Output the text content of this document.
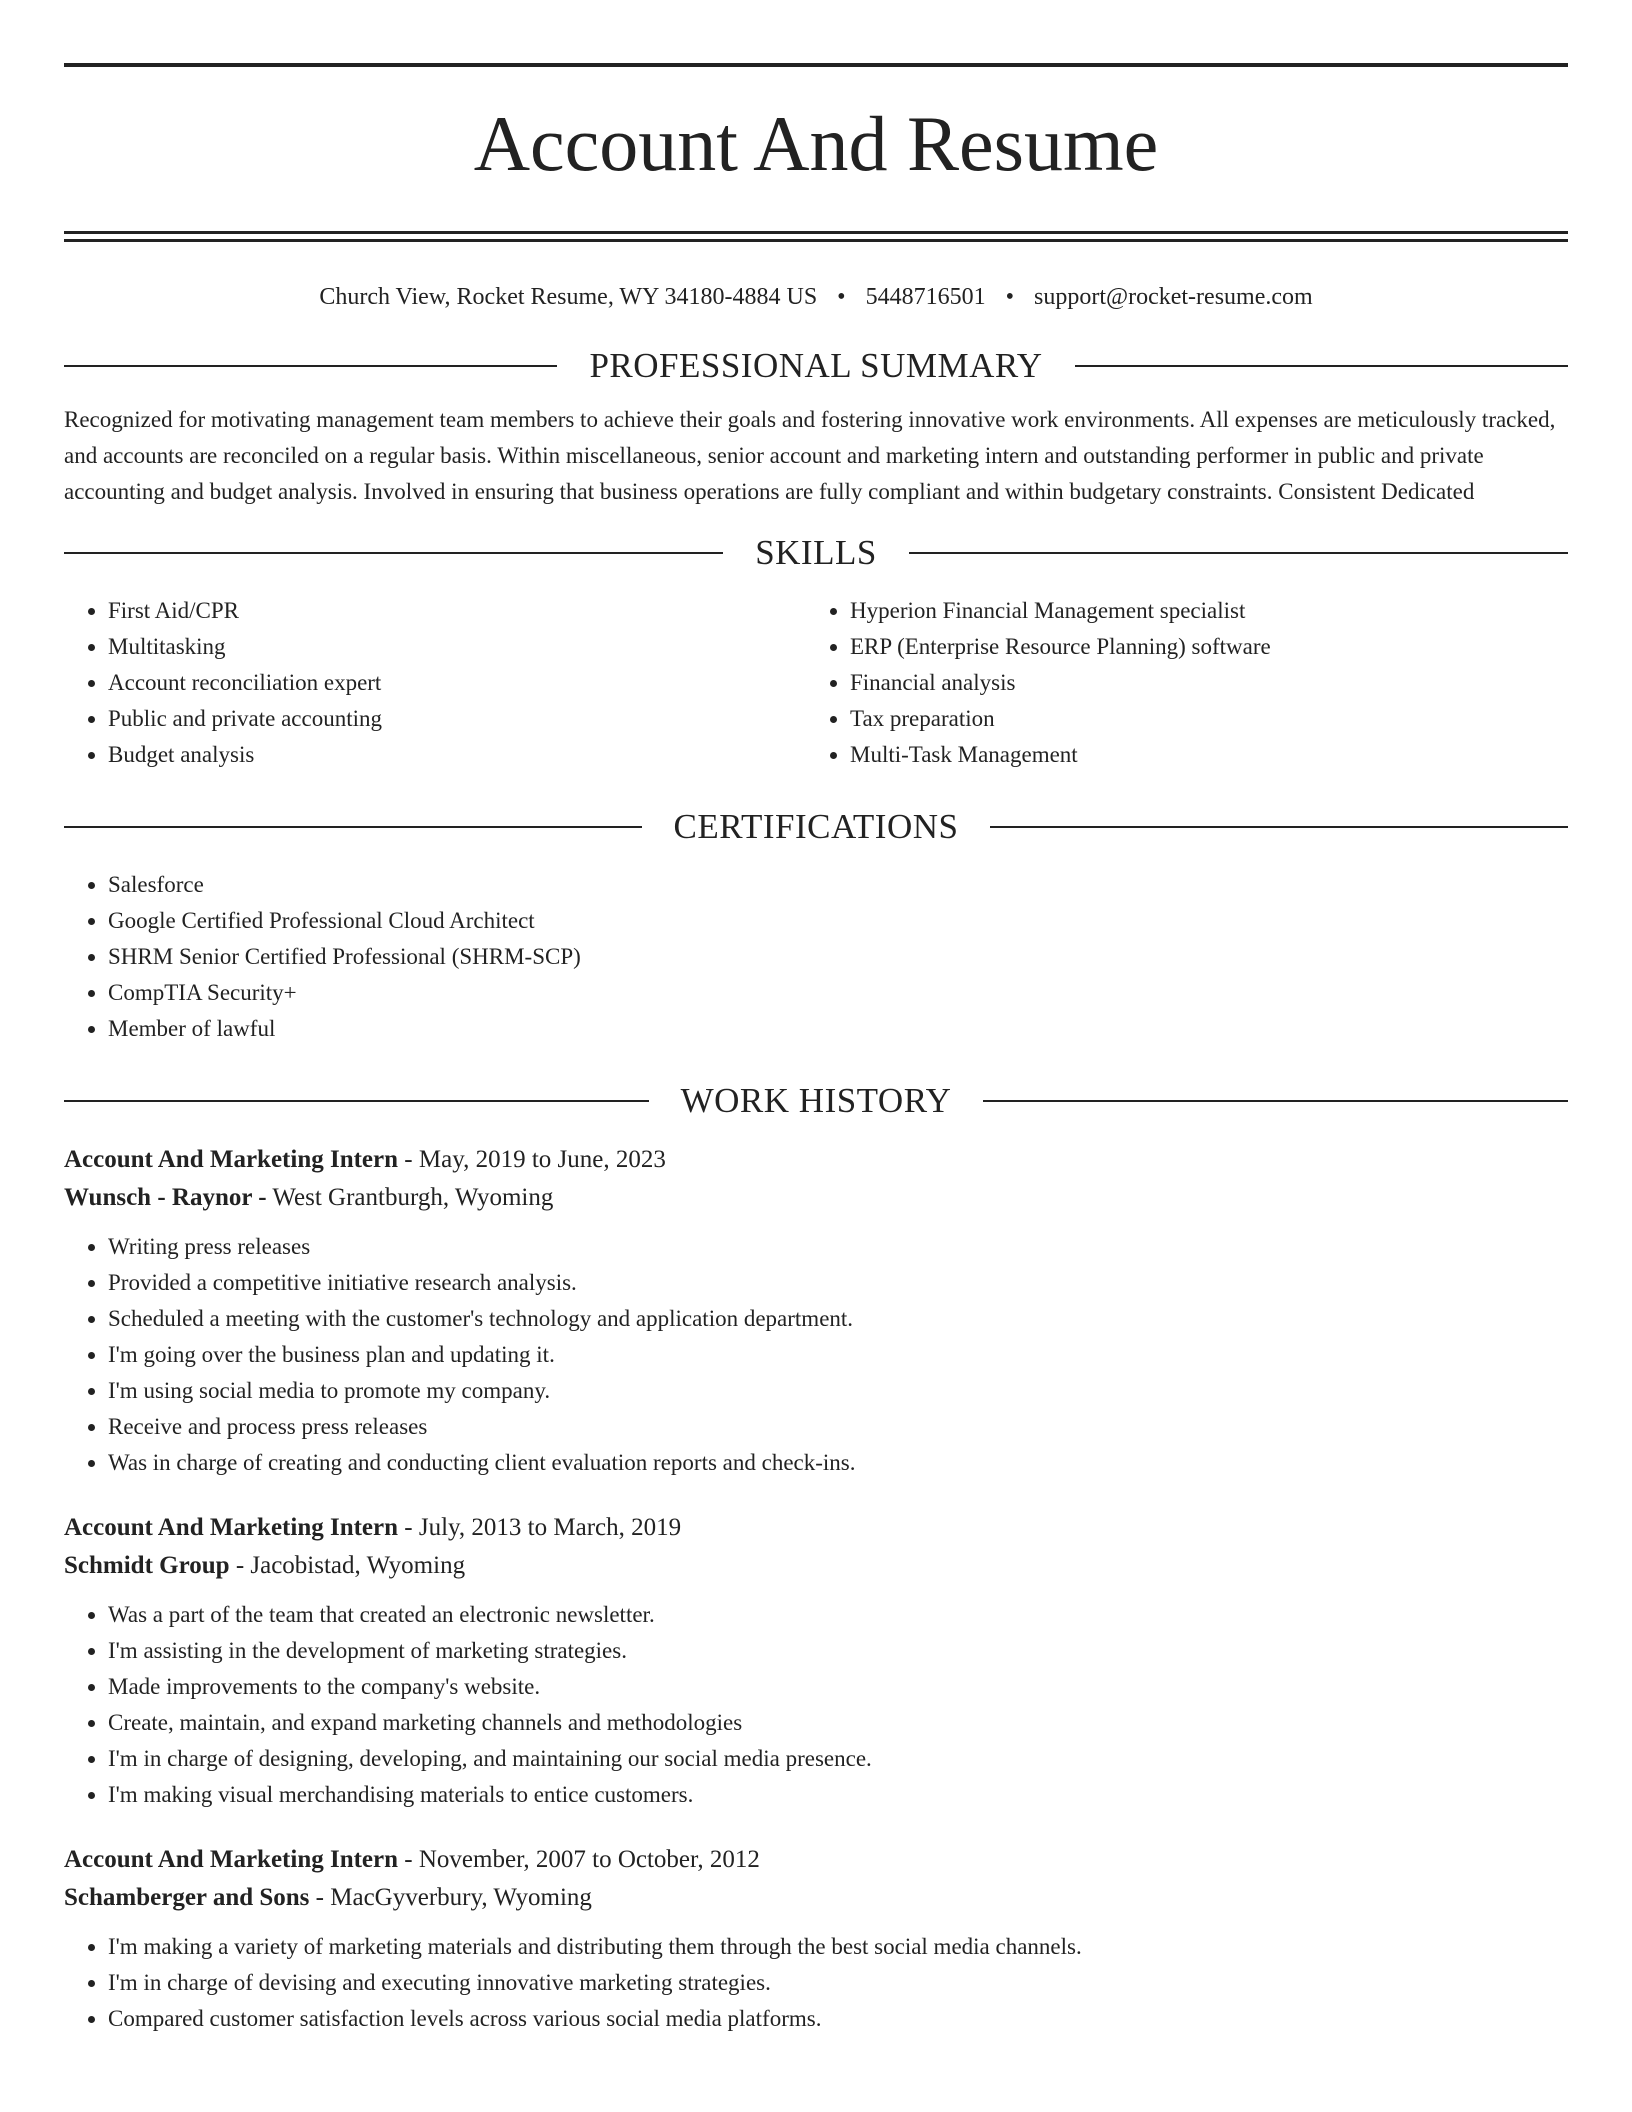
Account And Resume
Church View, Rocket Resume, WY 34180-4884 US • 5448716501 • support@rocket-resume.com
PROFESSIONAL SUMMARY

Recognized for motivating management team members to achieve their goals and fostering innovative work environments. All expenses are meticulously tracked, and accounts are reconciled on a regular basis. Within miscellaneous, senior account and marketing intern and outstanding performer in public and private accounting and budget analysis. Involved in ensuring that business operations are fully compliant and within budgetary constraints. Consistent Dedicated

SKILLS
• First Aid/CPR
• Multitasking
• Account reconciliation expert
• Public and private accounting
• Budget analysis
• Hyperion Financial Management specialist
• ERP (Enterprise Resource Planning) software
• Financial analysis
• Tax preparation
• Multi-Task Management
CERTIFICATIONS
• Salesforce
• Google Certified Professional Cloud Architect
• SHRM Senior Certified Professional (SHRM-SCP)
• CompTIA Security+
• Member of lawful
WORK HISTORY
Account And Marketing Intern - May, 2019 to June, 2023
Wunsch - Raynor - West Grantburgh, Wyoming
• Writing press releases
• Provided a competitive initiative research analysis.
• Scheduled a meeting with the customer's technology and application department.
• I'm going over the business plan and updating it.
• I'm using social media to promote my company.
• Receive and process press releases
• Was in charge of creating and conducting client evaluation reports and check-ins.
Account And Marketing Intern - July, 2013 to March, 2019
Schmidt Group - Jacobistad, Wyoming
• Was a part of the team that created an electronic newsletter.
• I'm assisting in the development of marketing strategies.
• Made improvements to the company's website.
• Create, maintain, and expand marketing channels and methodologies
• I'm in charge of designing, developing, and maintaining our social media presence.
• I'm making visual merchandising materials to entice customers.
Account And Marketing Intern - November, 2007 to October, 2012
Schamberger and Sons - MacGyverbury, Wyoming
• I'm making a variety of marketing materials and distributing them through the best social media channels.
• I'm in charge of devising and executing innovative marketing strategies.
• Compared customer satisfaction levels across various social media platforms.
